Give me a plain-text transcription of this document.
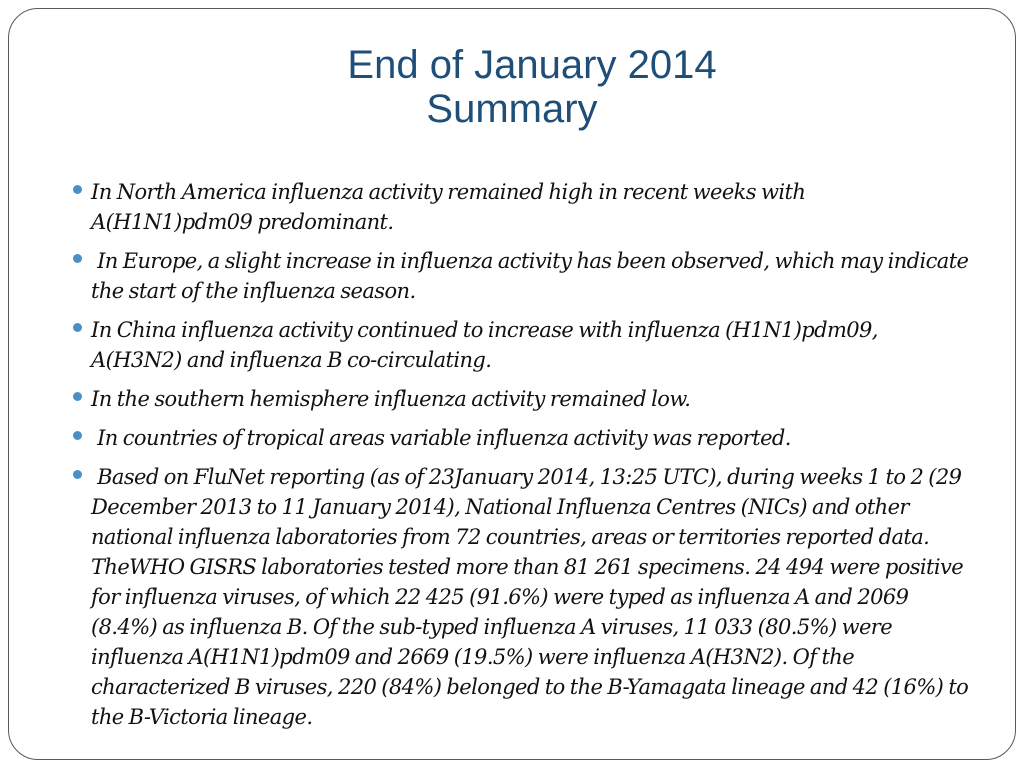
End of January 2014
Summary
In North America influenza activity remained high in recent weeks with A(H1N1)pdm09 predominant.
In Europe, a slight increase in influenza activity has been observed, which may indicate the start of the influenza season.
In China influenza activity continued to increase with influenza (H1N1)pdm09, A(H3N2) and influenza B co-circulating.
In the southern hemisphere influenza activity remained low.
In countries of tropical areas variable influenza activity was reported.
Based on FluNet reporting (as of 23January 2014, 13:25 UTC), during weeks 1 to 2 (29 December 2013 to 11 January 2014), National Influenza Centres (NICs) and other national influenza laboratories from 72 countries, areas or territories reported data. TheWHO GISRS laboratories tested more than 81 261 specimens. 24 494 were positive for influenza viruses, of which 22 425 (91.6%) were typed as influenza A and 2069 (8.4%) as influenza B. Of the sub-typed influenza A viruses, 11 033 (80.5%) were influenza A(H1N1)pdm09 and 2669 (19.5%) were influenza A(H3N2). Of the characterized B viruses, 220 (84%) belonged to the B-Yamagata lineage and 42 (16%) to the B-Victoria lineage.
